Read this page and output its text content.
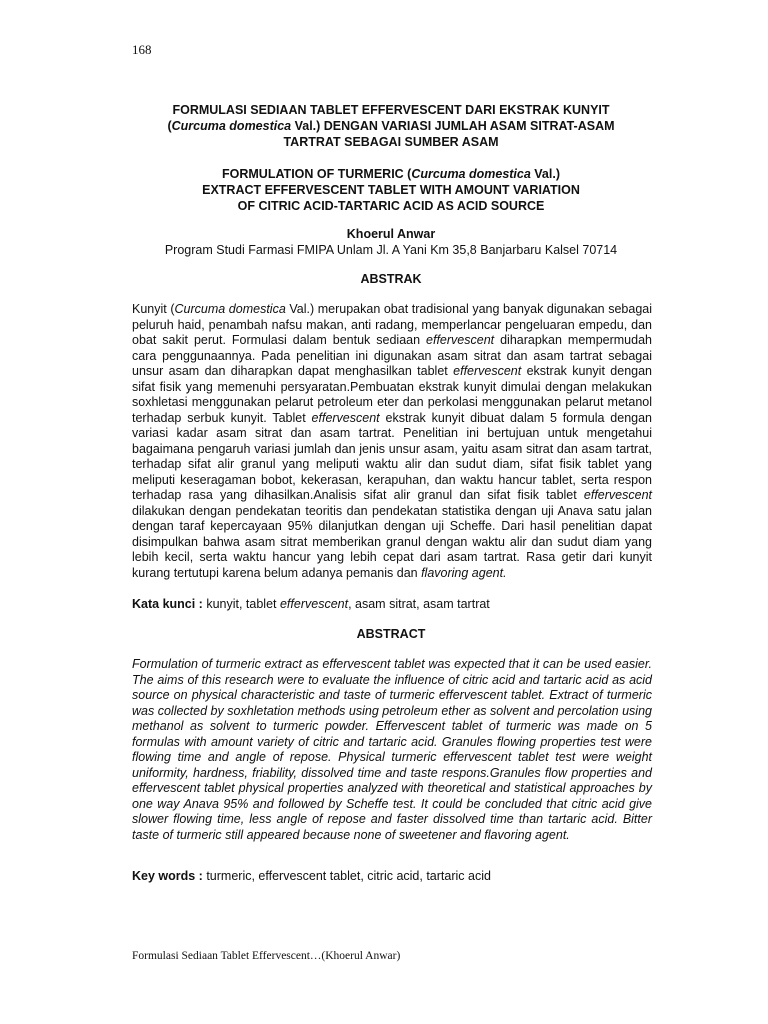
168
FORMULASI SEDIAAN TABLET EFFERVESCENT DARI EKSTRAK KUNYIT
(Curcuma domestica Val.) DENGAN VARIASI JUMLAH ASAM SITRAT-ASAM
TARTRAT SEBAGAI SUMBER ASAM
FORMULATION OF TURMERIC (Curcuma domestica Val.)
EXTRACT EFFERVESCENT TABLET WITH AMOUNT VARIATION
OF CITRIC ACID-TARTARIC ACID AS ACID SOURCE
Khoerul Anwar
Program Studi Farmasi FMIPA Unlam Jl. A Yani Km 35,8 Banjarbaru Kalsel 70714
ABSTRAK
Kunyit (Curcuma domestica Val.) merupakan obat tradisional yang banyak digunakan sebagai peluruh haid, penambah nafsu makan, anti radang, memperlancar pengeluaran empedu, dan obat sakit perut. Formulasi dalam bentuk sediaan effervescent diharapkan mempermudah cara penggunaannya. Pada penelitian ini digunakan asam sitrat dan asam tartrat sebagai unsur asam dan diharapkan dapat menghasilkan tablet effervescent ekstrak kunyit dengan sifat fisik yang memenuhi persyaratan.Pembuatan ekstrak kunyit dimulai dengan melakukan soxhletasi menggunakan pelarut petroleum eter dan perkolasi menggunakan pelarut metanol terhadap serbuk kunyit. Tablet effervescent ekstrak kunyit dibuat dalam 5 formula dengan variasi kadar asam sitrat dan asam tartrat. Penelitian ini bertujuan untuk mengetahui bagaimana pengaruh variasi jumlah dan jenis unsur asam, yaitu asam sitrat dan asam tartrat, terhadap sifat alir granul yang meliputi waktu alir dan sudut diam, sifat fisik tablet yang meliputi keseragaman bobot, kekerasan, kerapuhan, dan waktu hancur tablet, serta respon terhadap rasa yang dihasilkan.Analisis sifat alir granul dan sifat fisik tablet effervescent dilakukan dengan pendekatan teoritis dan pendekatan statistika dengan uji Anava satu jalan dengan taraf kepercayaan 95% dilanjutkan dengan uji Scheffe. Dari hasil penelitian dapat disimpulkan bahwa asam sitrat memberikan granul dengan waktu alir dan sudut diam yang lebih kecil, serta waktu hancur yang lebih cepat dari asam tartrat. Rasa getir dari kunyit kurang tertutupi karena belum adanya pemanis dan flavoring agent.
Kata kunci : kunyit, tablet effervescent, asam sitrat, asam tartrat
ABSTRACT
Formulation of turmeric extract as effervescent tablet was expected that it can be used easier. The aims of this research were to evaluate the influence of citric acid and tartaric acid as acid source on physical characteristic and taste of turmeric effervescent tablet. Extract of turmeric was collected by soxhletation methods using petroleum ether as solvent and percolation using methanol as solvent to turmeric powder. Effervescent tablet of turmeric was made on 5 formulas with amount variety of citric and tartaric acid. Granules flowing properties test were flowing time and angle of repose. Physical turmeric effervescent tablet test were weight uniformity, hardness, friability, dissolved time and taste respons.Granules flow properties and effervescent tablet physical properties analyzed with theoretical and statistical approaches by one way Anava 95% and followed by Scheffe test. It could be concluded that citric acid give slower flowing time, less angle of repose and faster dissolved time than tartaric acid. Bitter taste of turmeric still appeared because none of sweetener and flavoring agent.
Key words : turmeric, effervescent tablet, citric acid, tartaric acid
Formulasi Sediaan Tablet Effervescent…(Khoerul Anwar)
